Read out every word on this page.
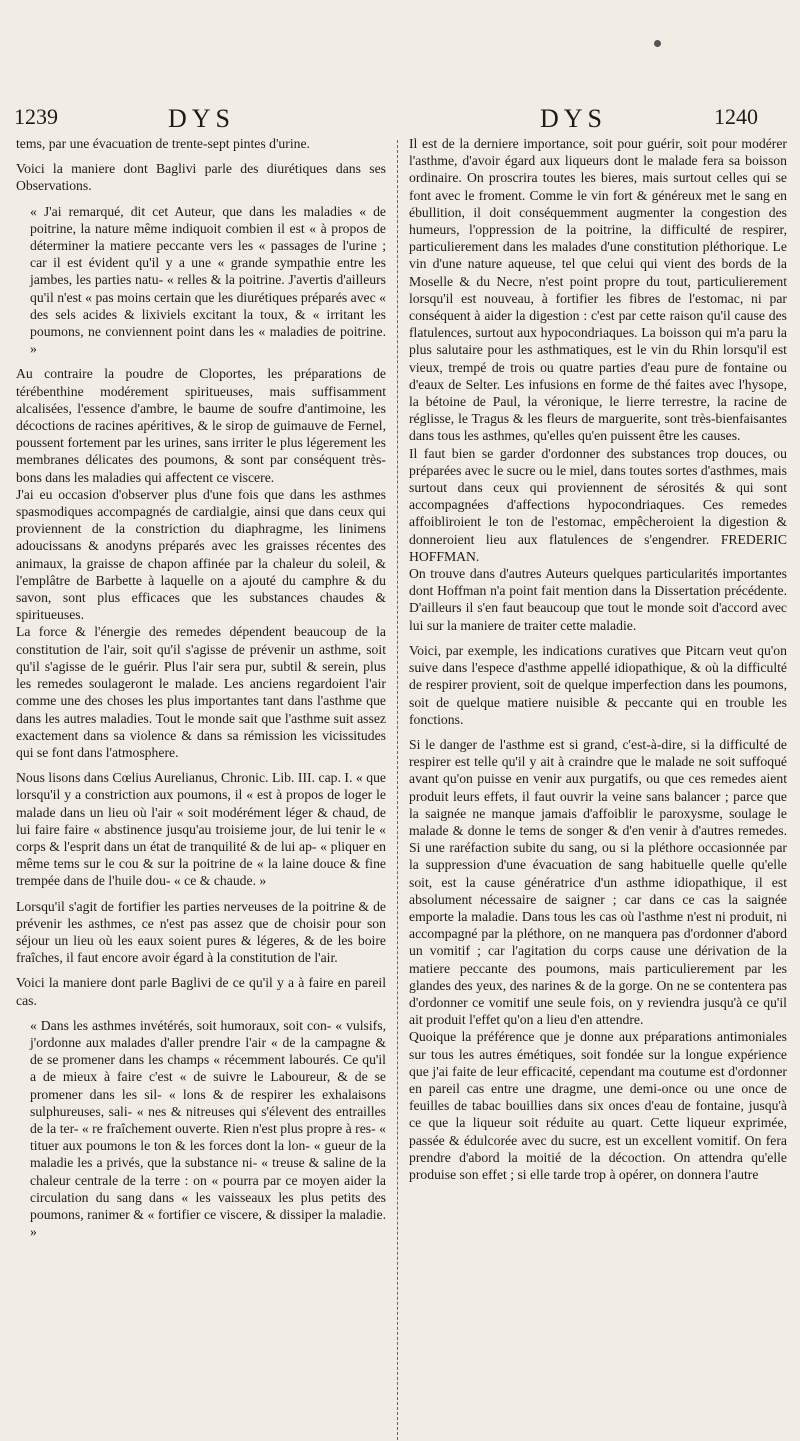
1239	DYS	DYS	1240

tems, par une évacuation de trente-sept pintes d'urine.

Voici la maniere dont Baglivi parle des diurétiques dans ses Observations.

« J'ai remarqué, dit cet Auteur, que dans les maladies « de poitrine, la nature même indiquoit combien il est « à propos de déterminer la matiere peccante vers les « passages de l'urine ; car il est évident qu'il y a une « grande sympathie entre les jambes, les parties natu- « relles & la poitrine. J'avertis d'ailleurs qu'il n'est « pas moins certain que les diurétiques préparés avec « des sels acides & lixiviels excitant la toux, & « irritant les poumons, ne conviennent point dans les « maladies de poitrine. »

Au contraire la poudre de Cloportes, les préparations de térébenthine modérement spiritueuses, mais suffisamment alcalisées, l'essence d'ambre, le baume de soufre d'antimoine, les décoctions de racines apéritives, & le sirop de guimauve de Fernel, poussent fortement par les urines, sans irriter le plus légerement les membranes délicates des poumons, & sont par conséquent très-bons dans les maladies qui affectent ce viscere.

J'ai eu occasion d'observer plus d'une fois que dans les asthmes spasmodiques accompagnés de cardialgie, ainsi que dans ceux qui proviennent de la constriction du diaphragme, les linimens adoucissans & anodyns préparés avec les graisses récentes des animaux, la graisse de chapon affinée par la chaleur du soleil, & l'emplâtre de Barbette à laquelle on a ajouté du camphre & du savon, sont plus efficaces que les substances chaudes & spiritueuses.

La force & l'énergie des remedes dépendent beaucoup de la constitution de l'air, soit qu'il s'agisse de prévenir un asthme, soit qu'il s'agisse de le guérir. Plus l'air sera pur, subtil & serein, plus les remedes soulageront le malade. Les anciens regardoient l'air comme une des choses les plus importantes tant dans l'asthme que dans les autres maladies. Tout le monde sait que l'asthme suit assez exactement dans sa violence & dans sa rémission les vicissitudes qui se font dans l'atmosphere.

Nous lisons dans Cœlius Aurelianus, Chronic. Lib. III. cap. I. « que lorsqu'il y a constriction aux poumons, il « est à propos de loger le malade dans un lieu où l'air « soit modérément léger & chaud, de lui faire faire « abstinence jusqu'au troisieme jour, de lui tenir le « corps & l'esprit dans un état de tranquilité & de lui ap- « pliquer en même tems sur le cou & sur la poitrine de « la laine douce & fine trempée dans de l'huile dou- « ce & chaude. »

Lorsqu'il s'agit de fortifier les parties nerveuses de la poitrine & de prévenir les asthmes, ce n'est pas assez que de choisir pour son séjour un lieu où les eaux soient pures & légeres, & de les boire fraîches, il faut encore avoir égard à la constitution de l'air.

Voici la maniere dont parle Baglivi de ce qu'il y a à faire en pareil cas.

« Dans les asthmes invétérés, soit humoraux, soit con- « vulsifs, j'ordonne aux malades d'aller prendre l'air « de la campagne & de se promener dans les champs « récemment labourés. Ce qu'il a de mieux à faire c'est « de suivre le Laboureur, & de se promener dans les sil- « lons & de respirer les exhalaisons sulphureuses, sali- « nes & nitreuses qui s'élevent des entrailles de la ter- « re fraîchement ouverte. Rien n'est plus propre à res- « tituer aux poumons le ton & les forces dont la lon- « gueur de la maladie les a privés, que la substance ni- « treuse & saline de la chaleur centrale de la terre : on « pourra par ce moyen aider la circulation du sang dans « les vaisseaux les plus petits des poumons, ranimer & « fortifier ce viscere, & dissiper la maladie. »

Il est de la derniere importance, soit pour guérir, soit pour modérer l'asthme, d'avoir égard aux liqueurs dont le malade fera sa boisson ordinaire. On proscrira toutes les bieres, mais surtout celles qui se font avec le froment. Comme le vin fort & généreux met le sang en ébullition, il doit conséquemment augmenter la congestion des humeurs, l'oppression de la poitrine, la difficulté de respirer, particulierement dans les malades d'une constitution pléthorique. Le vin d'une nature aqueuse, tel que celui qui vient des bords de la Moselle & du Necre, n'est point propre du tout, particulierement lorsqu'il est nouveau, à fortifier les fibres de l'estomac, ni par conséquent à aider la digestion : c'est par cette raison qu'il cause des flatulences, surtout aux hypocondriaques. La boisson qui m'a paru la plus salutaire pour les asthmatiques, est le vin du Rhin lorsqu'il est vieux, trempé de trois ou quatre parties d'eau pure de fontaine ou d'eaux de Selter. Les infusions en forme de thé faites avec l'hysope, la bétoine de Paul, la véronique, le lierre terrestre, la racine de réglisse, le Tragus & les fleurs de marguerite, sont très-bienfaisantes dans tous les asthmes, qu'elles qu'en puissent être les causes.

Il faut bien se garder d'ordonner des substances trop douces, ou préparées avec le sucre ou le miel, dans toutes sortes d'asthmes, mais surtout dans ceux qui proviennent de sérosités & qui sont accompagnées d'affections hypocondriaques. Ces remedes affoibliroient le ton de l'estomac, empêcheroient la digestion & donneroient lieu aux flatulences de s'engendrer. FREDERIC HOFFMAN.

On trouve dans d'autres Auteurs quelques particularités importantes dont Hoffman n'a point fait mention dans la Dissertation précédente. D'ailleurs il s'en faut beaucoup que tout le monde soit d'accord avec lui sur la maniere de traiter cette maladie.

Voici, par exemple, les indications curatives que Pitcarn veut qu'on suive dans l'espece d'asthme appellé idiopathique, & où la difficulté de respirer provient, soit de quelque imperfection dans les poumons, soit de quelque matiere nuisible & peccante qui en trouble les fonctions.

Si le danger de l'asthme est si grand, c'est-à-dire, si la difficulté de respirer est telle qu'il y ait à craindre que le malade ne soit suffoqué avant qu'on puisse en venir aux purgatifs, ou que ces remedes aient produit leurs effets, il faut ouvrir la veine sans balancer ; parce que la saignée ne manque jamais d'affoiblir le paroxysme, soulage le malade & donne le tems de songer & d'en venir à d'autres remedes. Si une raréfaction subite du sang, ou si la pléthore occasionnée par la suppression d'une évacuation de sang habituelle quelle qu'elle soit, est la cause génératrice d'un asthme idiopathique, il est absolument nécessaire de saigner ; car dans ce cas la saignée emporte la maladie. Dans tous les cas où l'asthme n'est ni produit, ni accompagné par la pléthore, on ne manquera pas d'ordonner d'abord un vomitif ; car l'agitation du corps cause une dérivation de la matiere peccante des poumons, mais particulierement par les glandes des yeux, des narines & de la gorge. On ne se contentera pas d'ordonner ce vomitif une seule fois, on y reviendra jusqu'à ce qu'il ait produit l'effet qu'on a lieu d'en attendre.

Quoique la préférence que je donne aux préparations antimoniales sur tous les autres émétiques, soit fondée sur la longue expérience que j'ai faite de leur efficacité, cependant ma coutume est d'ordonner en pareil cas entre une dragme, une demi-once ou une once de feuilles de tabac bouillies dans six onces d'eau de fontaine, jusqu'à ce que la liqueur soit réduite au quart. Cette liqueur exprimée, passée & édulcorée avec du sucre, est un excellent vomitif. On fera prendre d'abord la moitié de la décoction. On attendra qu'elle produise son effet ; si elle tarde trop à opérer, on donnera l'autre
